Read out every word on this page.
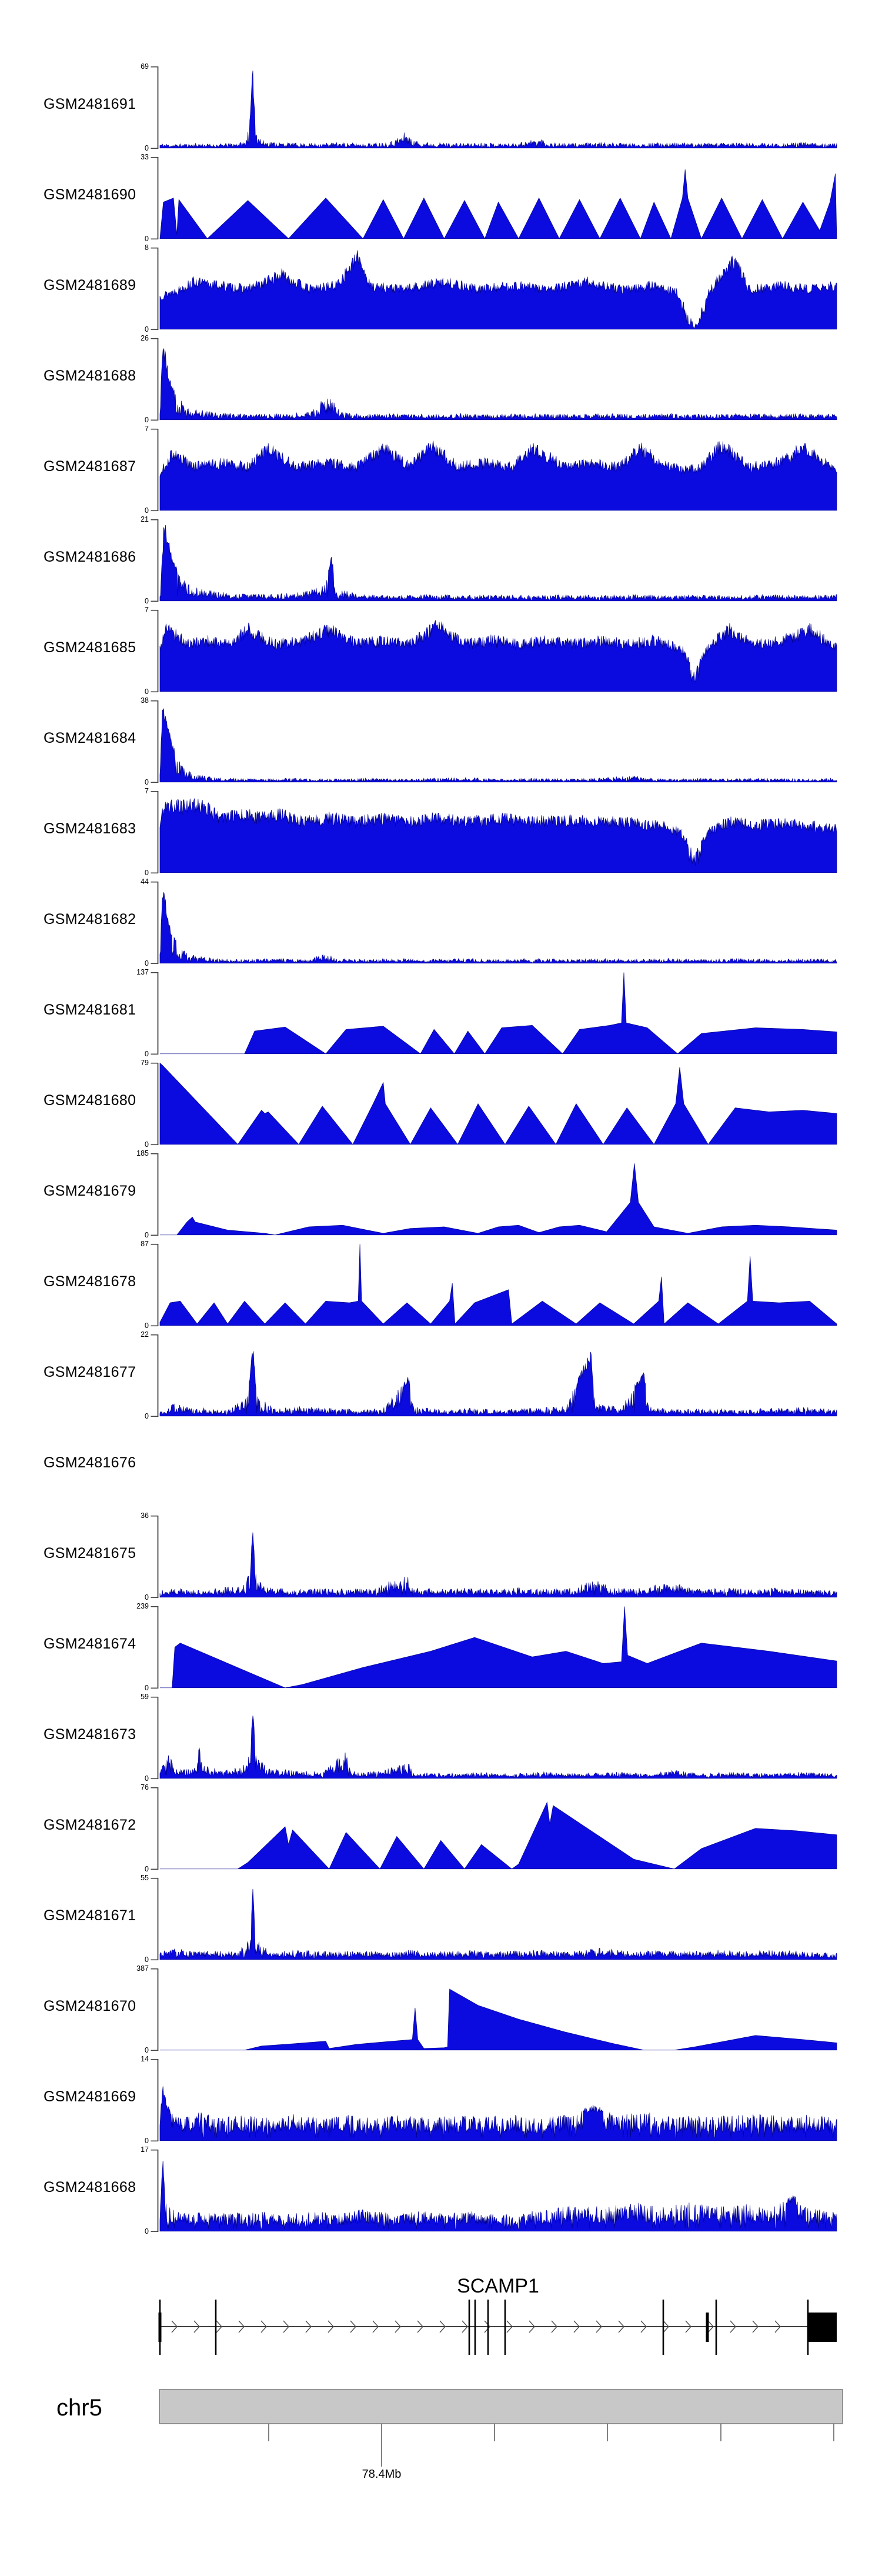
GSM2481691
69
0
GSM2481690
33
0
GSM2481689
8
0
GSM2481688
26
0
GSM2481687
7
0
GSM2481686
21
0
GSM2481685
7
0
GSM2481684
38
0
GSM2481683
7
0
GSM2481682
44
0
GSM2481681
137
0
GSM2481680
79
0
GSM2481679
185
0
GSM2481678
87
0
GSM2481677
22
0
GSM2481676
GSM2481675
36
0
GSM2481674
239
0
GSM2481673
59
0
GSM2481672
76
0
GSM2481671
55
0
GSM2481670
387
0
GSM2481669
14
0
GSM2481668
17
0
SCAMP1
chr5
78.4Mb
